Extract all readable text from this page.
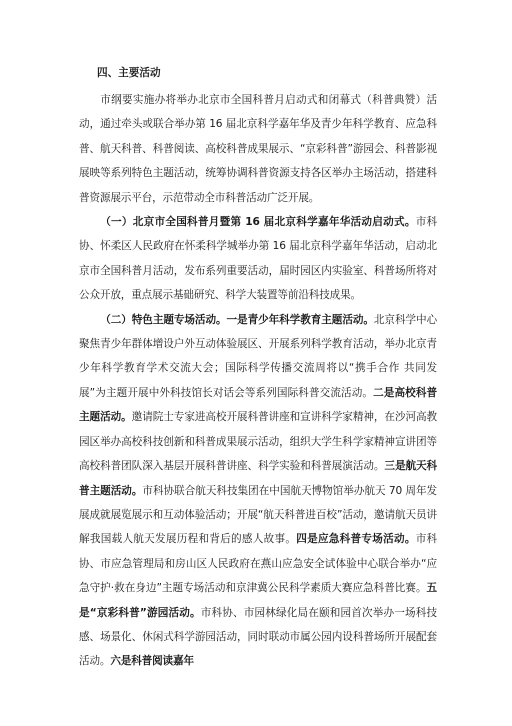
四、主要活动

市纲要实施办将举办北京市全国科普月启动式和闭幕式（科普典赞）活动，通过牵头或联合举办第 16 届北京科学嘉年华及青少年科学教育、应急科普、航天科普、科普阅读、高校科普成果展示、“京彩科普”游园会、科普影视展映等系列特色主题活动，统筹协调科普资源支持各区举办主场活动，搭建科普资源展示平台，示范带动全市科普活动广泛开展。

（一）北京市全国科普月暨第 16 届北京科学嘉年华活动启动式。市科协、怀柔区人民政府在怀柔科学城举办第 16 届北京科学嘉年华活动，启动北京市全国科普月活动，发布系列重要活动，届时园区内实验室、科普场所将对公众开放，重点展示基础研究、科学大装置等前沿科技成果。

（二）特色主题专场活动。一是青少年科学教育主题活动。北京科学中心聚焦青少年群体增设户外互动体验展区、开展系列科学教育活动，举办北京青少年科学教育学术交流大会；国际科学传播交流周将以“携手合作 共同发展”为主题开展中外科技馆长对话会等系列国际科普交流活动。二是高校科普主题活动。邀请院士专家进高校开展科普讲座和宣讲科学家精神，在沙河高教园区举办高校科技创新和科普成果展示活动，组织大学生科学家精神宣讲团等高校科普团队深入基层开展科普讲座、科学实验和科普展演活动。三是航天科普主题活动。市科协联合航天科技集团在中国航天博物馆举办航天 70 周年发展成就展览展示和互动体验活动；开展“航天科普进百校”活动，邀请航天员讲解我国载人航天发展历程和背后的感人故事。四是应急科普专场活动。市科协、市应急管理局和房山区人民政府在燕山应急安全试体验中心联合举办“应急守护·救在身边”主题专场活动和京津冀公民科学素质大赛应急科普比赛。五是“京彩科普”游园活动。市科协、市园林绿化局在颐和园首次举办一场科技感、场景化、休闲式科学游园活动，同时联动市属公园内设科普场所开展配套活动。六是科普阅读嘉年
